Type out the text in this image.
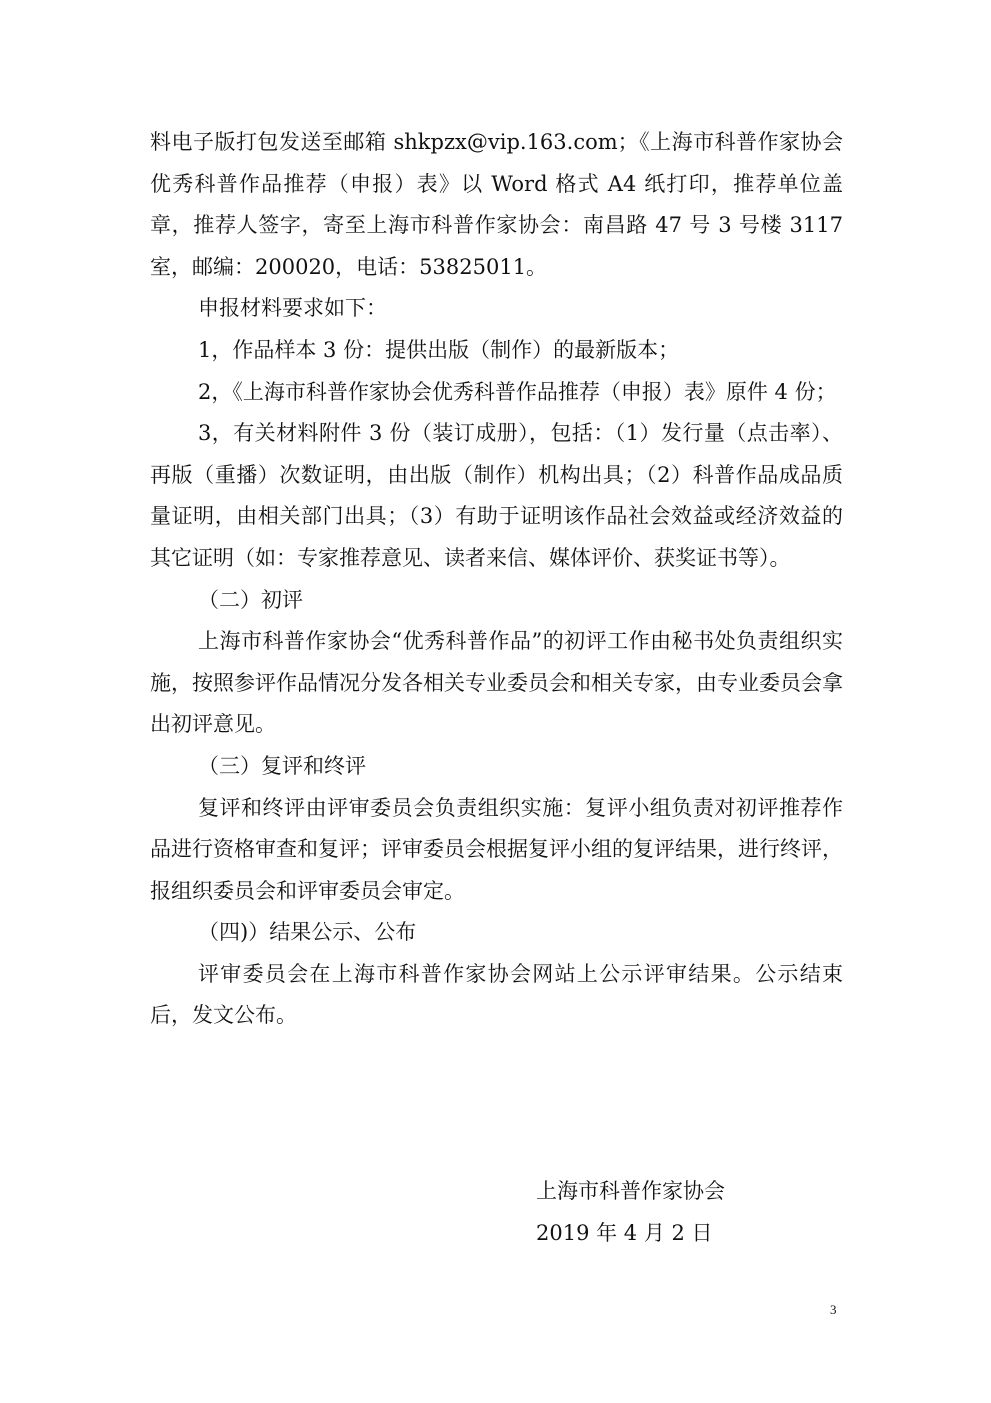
料电子版打包发送至邮箱 shkpzx@vip.163.com；《上海市科普作家协会优秀科普作品推荐（申报）表》以 Word 格式 A4 纸打印，推荐单位盖章，推荐人签字，寄至上海市科普作家协会：南昌路 47 号 3 号楼 3117 室，邮编：200020，电话：53825011。

申报材料要求如下：

1，作品样本 3 份：提供出版（制作）的最新版本；

2，《上海市科普作家协会优秀科普作品推荐（申报）表》原件 4 份；

3，有关材料附件 3 份（装订成册），包括：（1）发行量（点击率）、再版（重播）次数证明，由出版（制作）机构出具；（2）科普作品成品质量证明，由相关部门出具；（3）有助于证明该作品社会效益或经济效益的其它证明（如：专家推荐意见、读者来信、媒体评价、获奖证书等）。

（二）初评

上海市科普作家协会“优秀科普作品”的初评工作由秘书处负责组织实施，按照参评作品情况分发各相关专业委员会和相关专家，由专业委员会拿出初评意见。

（三）复评和终评

复评和终评由评审委员会负责组织实施：复评小组负责对初评推荐作品进行资格审查和复评；评审委员会根据复评小组的复评结果，进行终评，报组织委员会和评审委员会审定。

（四)）结果公示、公布

评审委员会在上海市科普作家协会网站上公示评审结果。公示结束后，发文公布。

上海市科普作家协会
2019 年 4 月 2 日
3
